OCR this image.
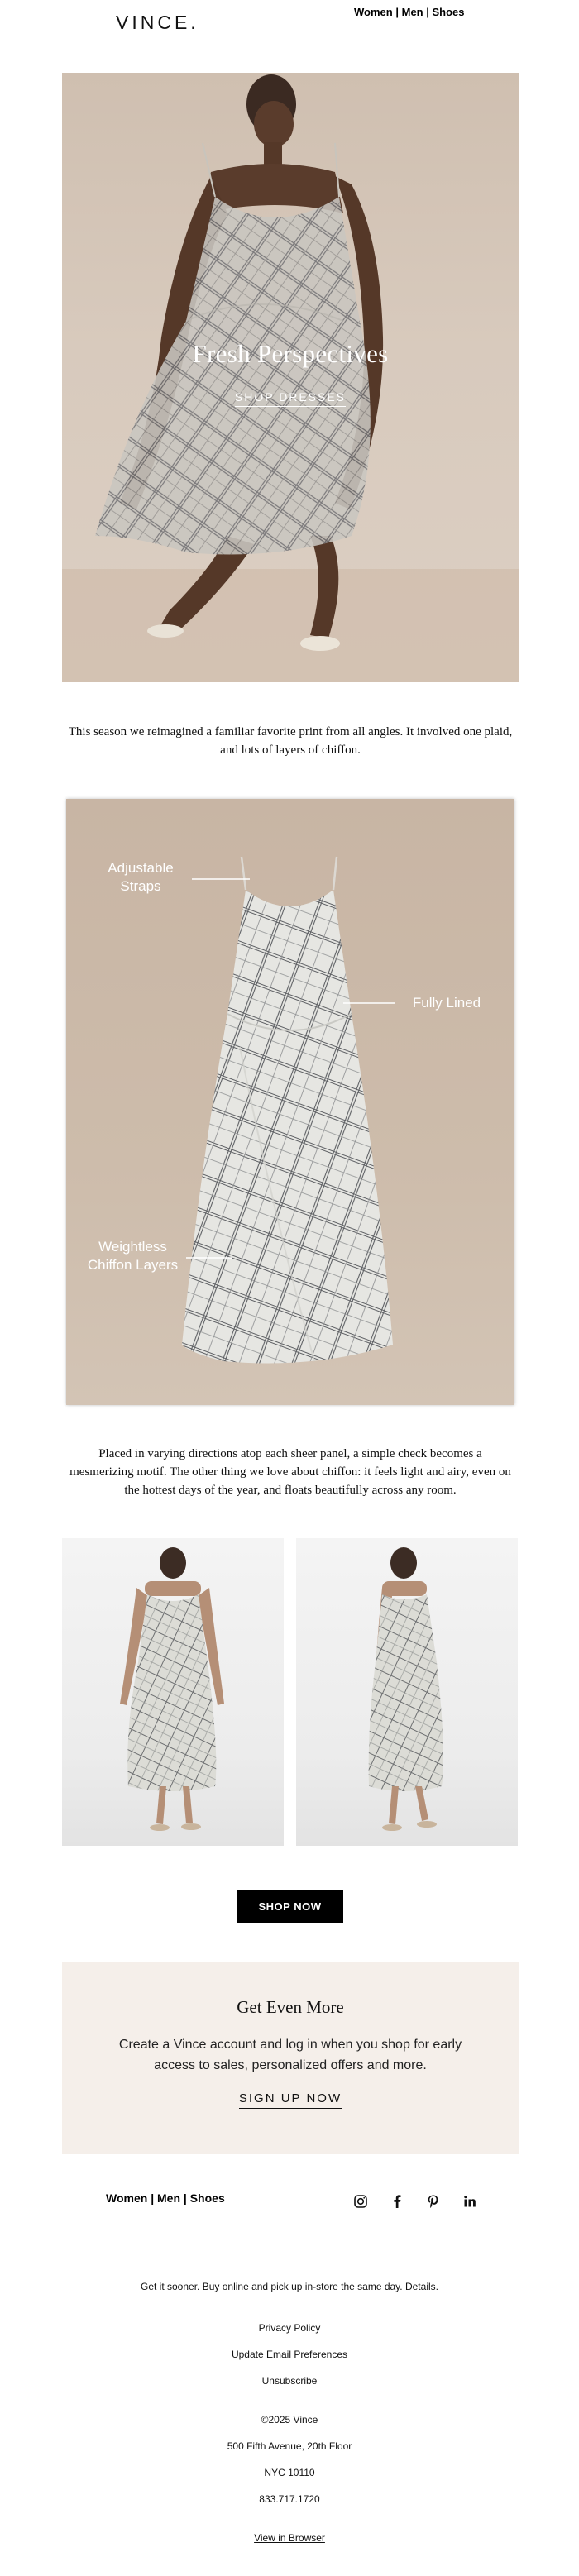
VINCE.	Women | Men | Shoes
Fresh Perspectives
SHOP DRESSES
This season we reimagined a familiar favorite print from all angles. It involved one plaid, and lots of layers of chiffon.
Adjustable Straps
Fully Lined
Weightless Chiffon Layers
Placed in varying directions atop each sheer panel, a simple check becomes a mesmerizing motif. The other thing we love about chiffon: it feels light and airy, even on the hottest days of the year, and floats beautifully across any room.
SHOP NOW
Get Even More
Create a Vince account and log in when you shop for early access to sales, personalized offers and more.
SIGN UP NOW
Women | Men | Shoes
Get it sooner. Buy online and pick up in-store the same day. Details.
Privacy Policy
Update Email Preferences
Unsubscribe
©2025 Vince
500 Fifth Avenue, 20th Floor
NYC 10110
833.717.1720
View in Browser
